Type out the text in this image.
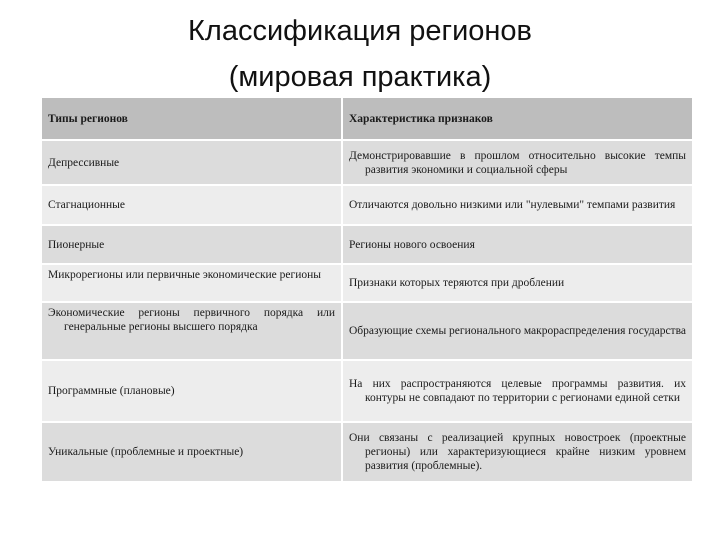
Классификация регионов
(мировая практика)
Типы регионов	Характеристика признаков

Депрессивные	Демонстрировавшие в прошлом относительно высокие темпы развития экономики и социальной сферы

Стагнационные	Отличаются довольно низкими или "нулевыми" темпами развития

Пионерные	Регионы нового освоения

Микрорегионы или первичные экономические регионы	Признаки которых теряются при дроблении

Экономические регионы первичного порядка или генеральные регионы высшего порядка	Образующие схемы регионального макрораспределения государства

Программные (плановые)	На них распространяются целевые программы развития. их контуры не совпадают по территории с регионами единой сетки

Уникальные (проблемные и проектные)	Они связаны с реализацией крупных новостроек (проектные регионы) или характеризующиеся крайне низким уровнем развития (проблемные).
